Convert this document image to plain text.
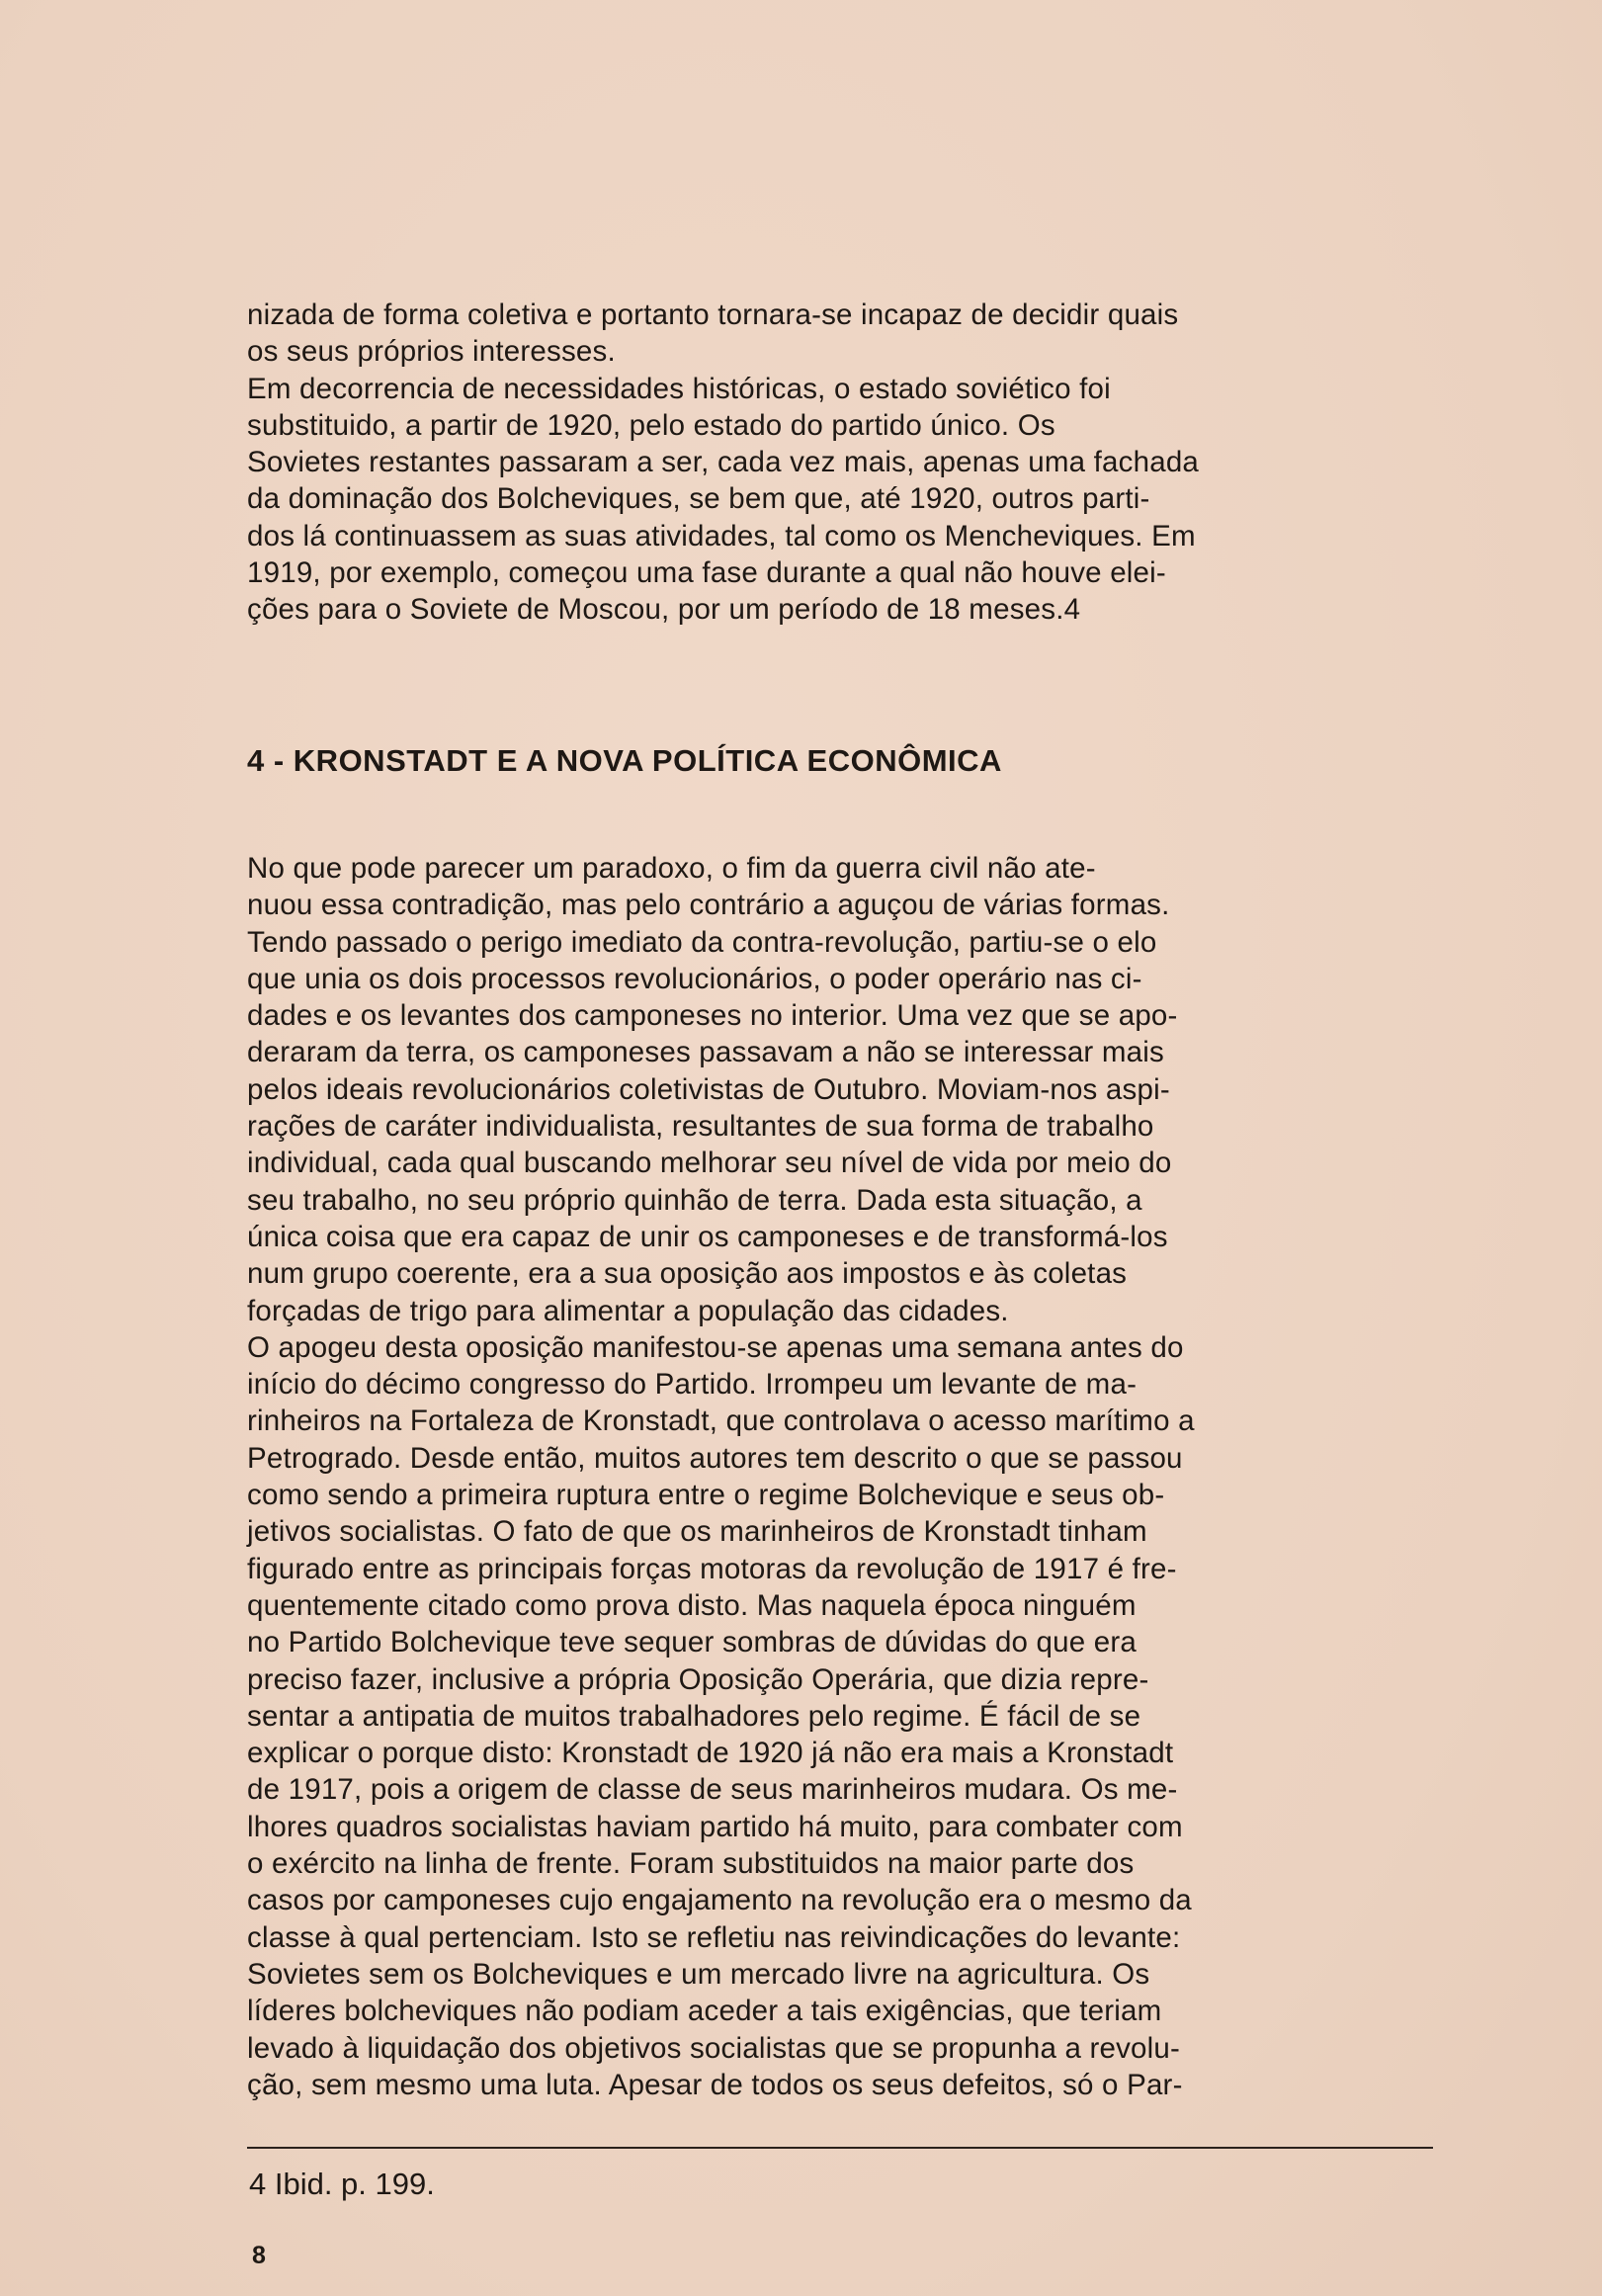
nizada de forma coletiva e portanto tornara-se incapaz de decidir quais
os seus próprios interesses.
Em decorrencia de necessidades históricas, o estado soviético foi
substituido, a partir de 1920, pelo estado do partido único. Os
Sovietes restantes passaram a ser, cada vez mais, apenas uma fachada
da dominação dos Bolcheviques, se bem que, até 1920, outros parti-
dos lá continuassem as suas atividades, tal como os Mencheviques. Em
1919, por exemplo, começou uma fase durante a qual não houve elei-
ções para o Soviete de Moscou, por um período de 18 meses.4
4 - KRONSTADT E A NOVA POLÍTICA ECONÔMICA
No que pode parecer um paradoxo, o fim da guerra civil não ate-
nuou essa contradição, mas pelo contrário a aguçou de várias formas.
Tendo passado o perigo imediato da contra-revolução, partiu-se o elo
que unia os dois processos revolucionários, o poder operário nas ci-
dades e os levantes dos camponeses no interior. Uma vez que se apo-
deraram da terra, os camponeses passavam a não se interessar mais
pelos ideais revolucionários coletivistas de Outubro. Moviam-nos aspi-
rações de caráter individualista, resultantes de sua forma de trabalho
individual, cada qual buscando melhorar seu nível de vida por meio do
seu trabalho, no seu próprio quinhão de terra. Dada esta situação, a
única coisa que era capaz de unir os camponeses e de transformá-los
num grupo coerente, era a sua oposição aos impostos e às coletas
forçadas de trigo para alimentar a população das cidades.
O apogeu desta oposição manifestou-se apenas uma semana antes do
início do décimo congresso do Partido. Irrompeu um levante de ma-
rinheiros na Fortaleza de Kronstadt, que controlava o acesso marítimo a
Petrogrado. Desde então, muitos autores tem descrito o que se passou
como sendo a primeira ruptura entre o regime Bolchevique e seus ob-
jetivos socialistas. O fato de que os marinheiros de Kronstadt tinham
figurado entre as principais forças motoras da revolução de 1917 é fre-
quentemente citado como prova disto. Mas naquela época ninguém
no Partido Bolchevique teve sequer sombras de dúvidas do que era
preciso fazer, inclusive a própria Oposição Operária, que dizia repre-
sentar a antipatia de muitos trabalhadores pelo regime. É fácil de se
explicar o porque disto: Kronstadt de 1920 já não era mais a Kronstadt
de 1917, pois a origem de classe de seus marinheiros mudara. Os me-
lhores quadros socialistas haviam partido há muito, para combater com
o exército na linha de frente. Foram substituidos na maior parte dos
casos por camponeses cujo engajamento na revolução era o mesmo da
classe à qual pertenciam. Isto se refletiu nas reivindicações do levante:
Sovietes sem os Bolcheviques e um mercado livre na agricultura. Os
líderes bolcheviques não podiam aceder a tais exigências, que teriam
levado à liquidação dos objetivos socialistas que se propunha a revolu-
ção, sem mesmo uma luta. Apesar de todos os seus defeitos, só o Par-
4 Ibid. p. 199.
8
